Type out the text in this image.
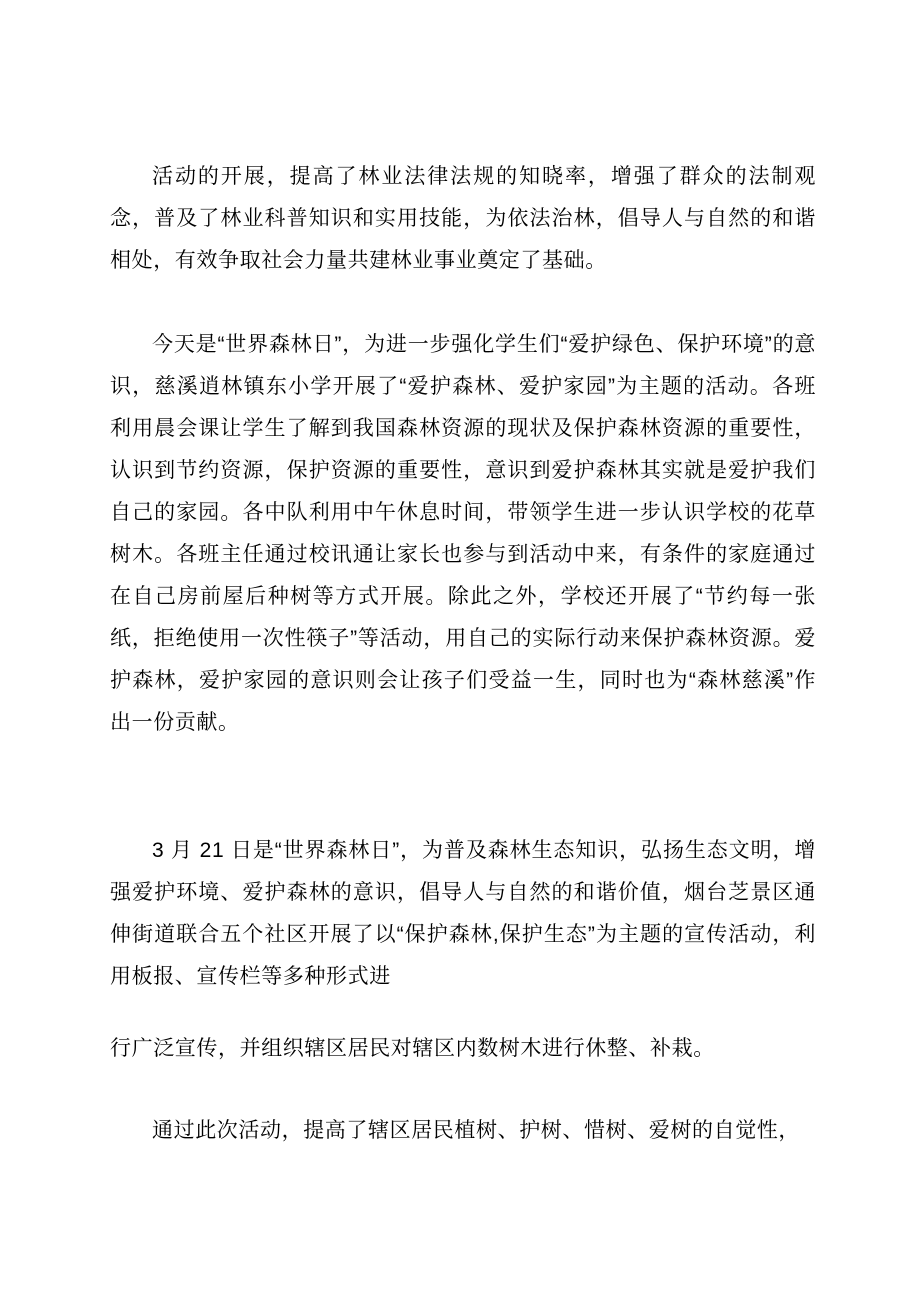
活动的开展，提高了林业法律法规的知晓率，增强了群众的法制观念，普及了林业科普知识和实用技能，为依法治林，倡导人与自然的和谐相处，有效争取社会力量共建林业事业奠定了基础。

今天是“世界森林日”，为进一步强化学生们“爱护绿色、保护环境”的意识，慈溪逍林镇东小学开展了“爱护森林、爱护家园”为主题的活动。各班利用晨会课让学生了解到我国森林资源的现状及保护森林资源的重要性，认识到节约资源，保护资源的重要性，意识到爱护森林其实就是爱护我们自己的家园。各中队利用中午休息时间，带领学生进一步认识学校的花草树木。各班主任通过校讯通让家长也参与到活动中来，有条件的家庭通过在自己房前屋后种树等方式开展。除此之外，学校还开展了“节约每一张纸，拒绝使用一次性筷子”等活动，用自己的实际行动来保护森林资源。爱护森林，爱护家园的意识则会让孩子们受益一生，同时也为“森林慈溪”作出一份贡献。

3 月 21 日是“世界森林日”，为普及森林生态知识，弘扬生态文明，增强爱护环境、爱护森林的意识，倡导人与自然的和谐价值，烟台芝景区通伸街道联合五个社区开展了以“保护森林,保护生态”为主题的宣传活动，利用板报、宣传栏等多种形式进

行广泛宣传，并组织辖区居民对辖区内数树木进行休整、补栽。

通过此次活动，提高了辖区居民植树、护树、惜树、爱树的自觉性，
